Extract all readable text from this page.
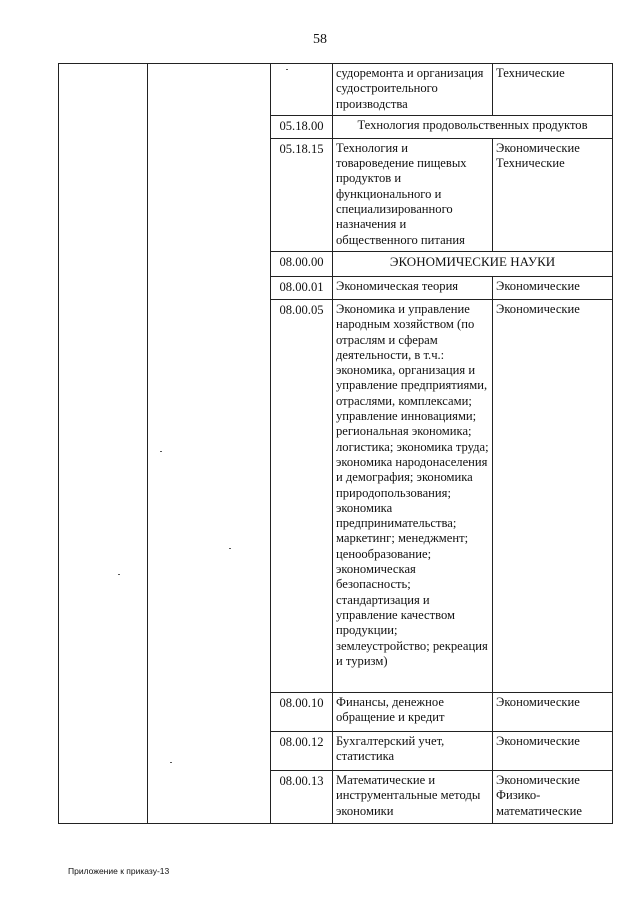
58
			судоремонта и организация судостроительного производства	Технические
		05.18.00	Технология продовольственных продуктов	
		05.18.15	Технология и товароведение пищевых продуктов и функционального и специализированного назначения и общественного питания	Экономические Технические
		08.00.00	ЭКОНОМИЧЕСКИЕ НАУКИ	
		08.00.01	Экономическая теория	Экономические
		08.00.05	Экономика и управление народным хозяйством (по отраслям и сферам деятельности, в т.ч.: экономика, организация и управление предприятиями, отраслями, комплексами; управление инновациями; региональная экономика; логистика; экономика труда; экономика народонаселения и демография; экономика природопользования; экономика предпринимательства; маркетинг; менеджмент; ценообразование; экономическая безопасность; стандартизация и управление качеством продукции; землеустройство; рекреация и туризм)	Экономические
		08.00.10	Финансы, денежное обращение и кредит	Экономические
		08.00.12	Бухгалтерский учет, статистика	Экономические
		08.00.13	Математические и инструментальные методы экономики	Экономические Физико-математические
Приложение к приказу-13
